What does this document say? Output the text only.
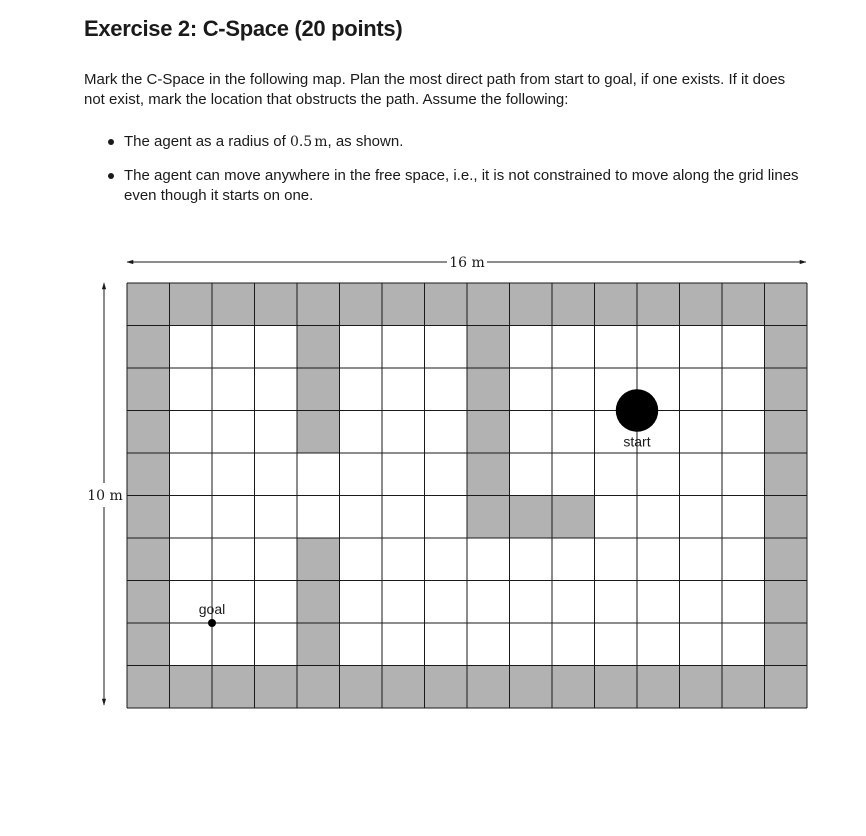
Exercise 2: C-Space (20 points)

Mark the C-Space in the following map. Plan the most direct path from start to goal, if one exists. If it does not exist, mark the location that obstructs the path. Assume the following:

The agent as a radius of 0.5 m, as shown.
The agent can move anywhere in the free space, i.e., it is not constrained to move along the grid lines even though it starts on one.
16 m
10 m
start
goal
